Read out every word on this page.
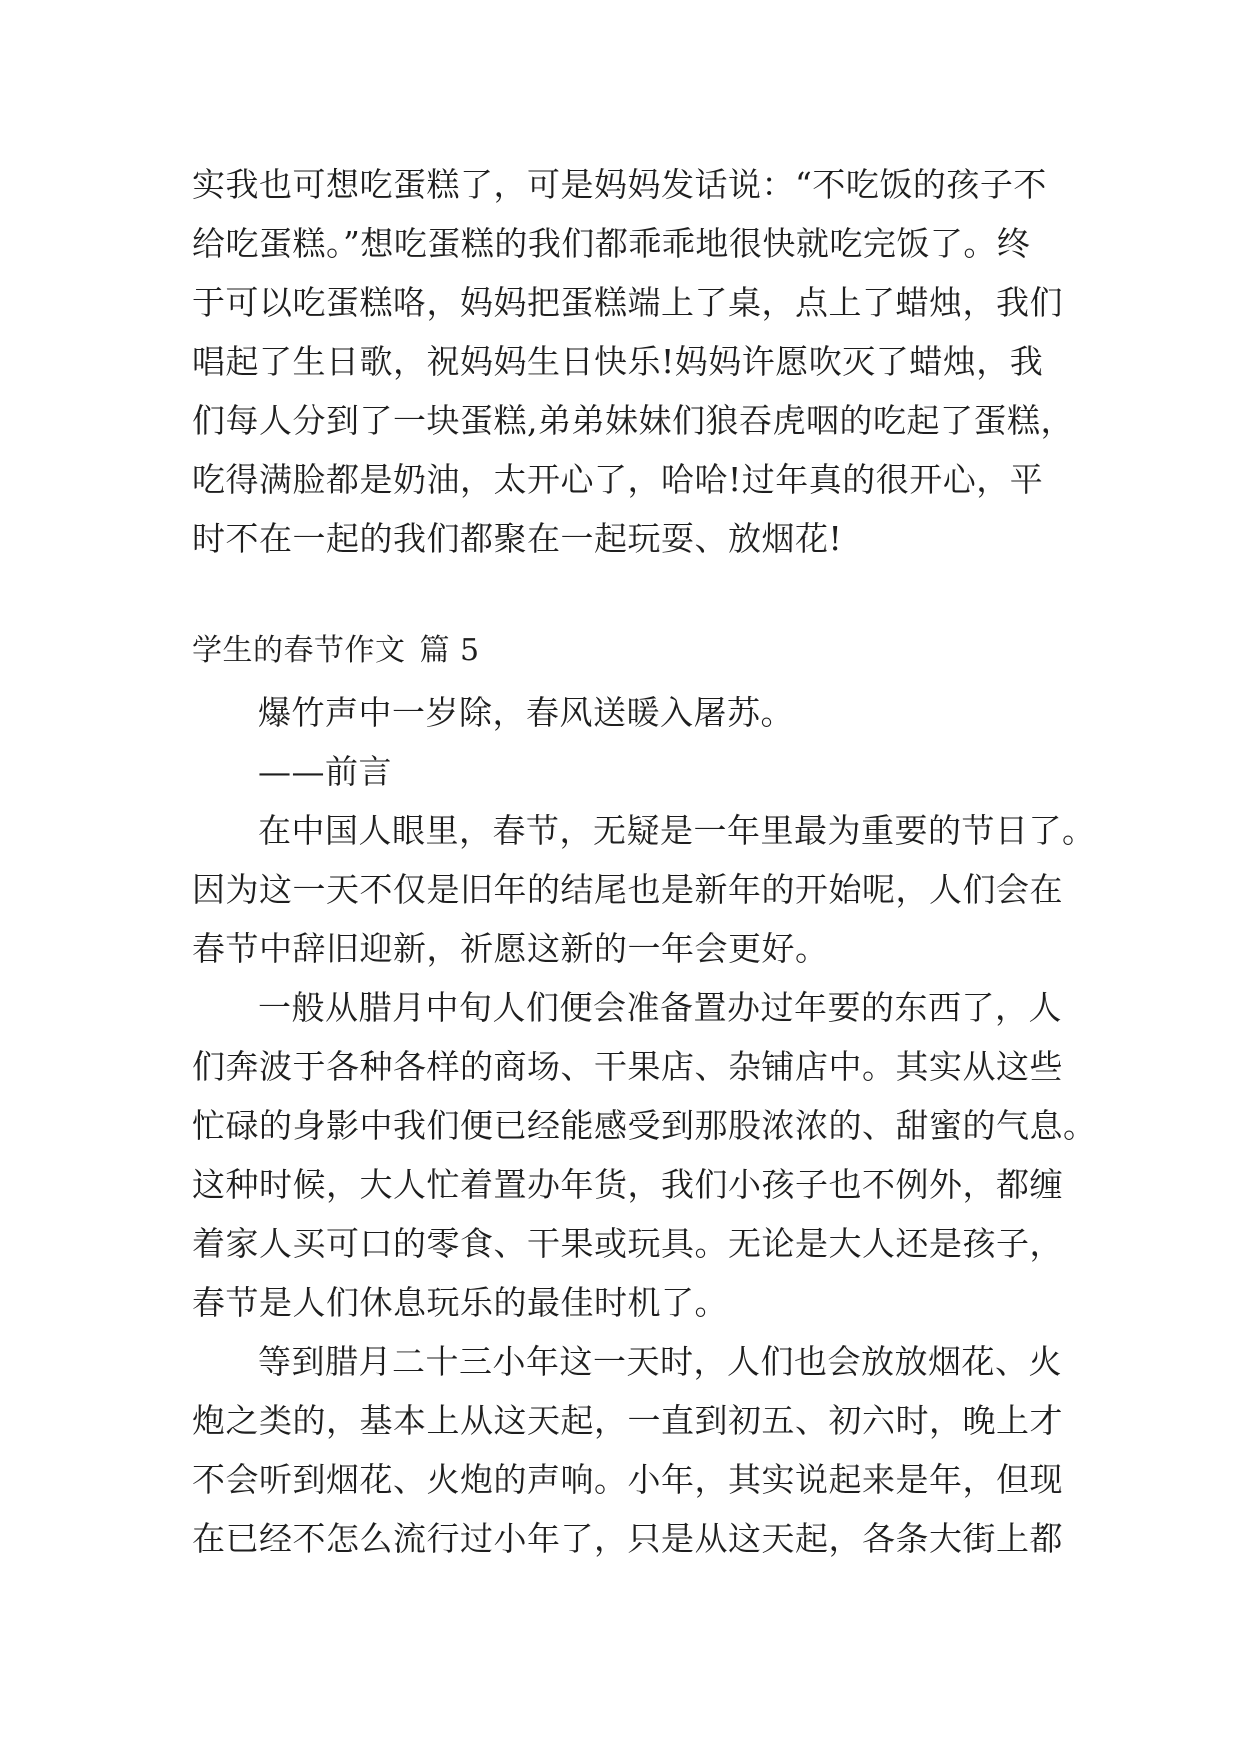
实我也可想吃蛋糕了，可是妈妈发话说：“不吃饭的孩子不
给吃蛋糕。”想吃蛋糕的我们都乖乖地很快就吃完饭了。终
于可以吃蛋糕咯，妈妈把蛋糕端上了桌，点上了蜡烛，我们
唱起了生日歌，祝妈妈生日快乐!妈妈许愿吹灭了蜡烛，我
们每人分到了一块蛋糕,弟弟妹妹们狼吞虎咽的吃起了蛋糕，
吃得满脸都是奶油，太开心了，哈哈!过年真的很开心，平
时不在一起的我们都聚在一起玩耍、放烟花!
学生的春节作文 篇 5
爆竹声中一岁除，春风送暖入屠苏。
——前言
在中国人眼里，春节，无疑是一年里最为重要的节日了。
因为这一天不仅是旧年的结尾也是新年的开始呢，人们会在
春节中辞旧迎新，祈愿这新的一年会更好。
一般从腊月中旬人们便会准备置办过年要的东西了，人
们奔波于各种各样的商场、干果店、杂铺店中。其实从这些
忙碌的身影中我们便已经能感受到那股浓浓的、甜蜜的气息。
这种时候，大人忙着置办年货，我们小孩子也不例外，都缠
着家人买可口的零食、干果或玩具。无论是大人还是孩子，
春节是人们休息玩乐的最佳时机了。
等到腊月二十三小年这一天时，人们也会放放烟花、火
炮之类的，基本上从这天起，一直到初五、初六时，晚上才
不会听到烟花、火炮的声响。小年，其实说起来是年，但现
在已经不怎么流行过小年了，只是从这天起，各条大街上都
